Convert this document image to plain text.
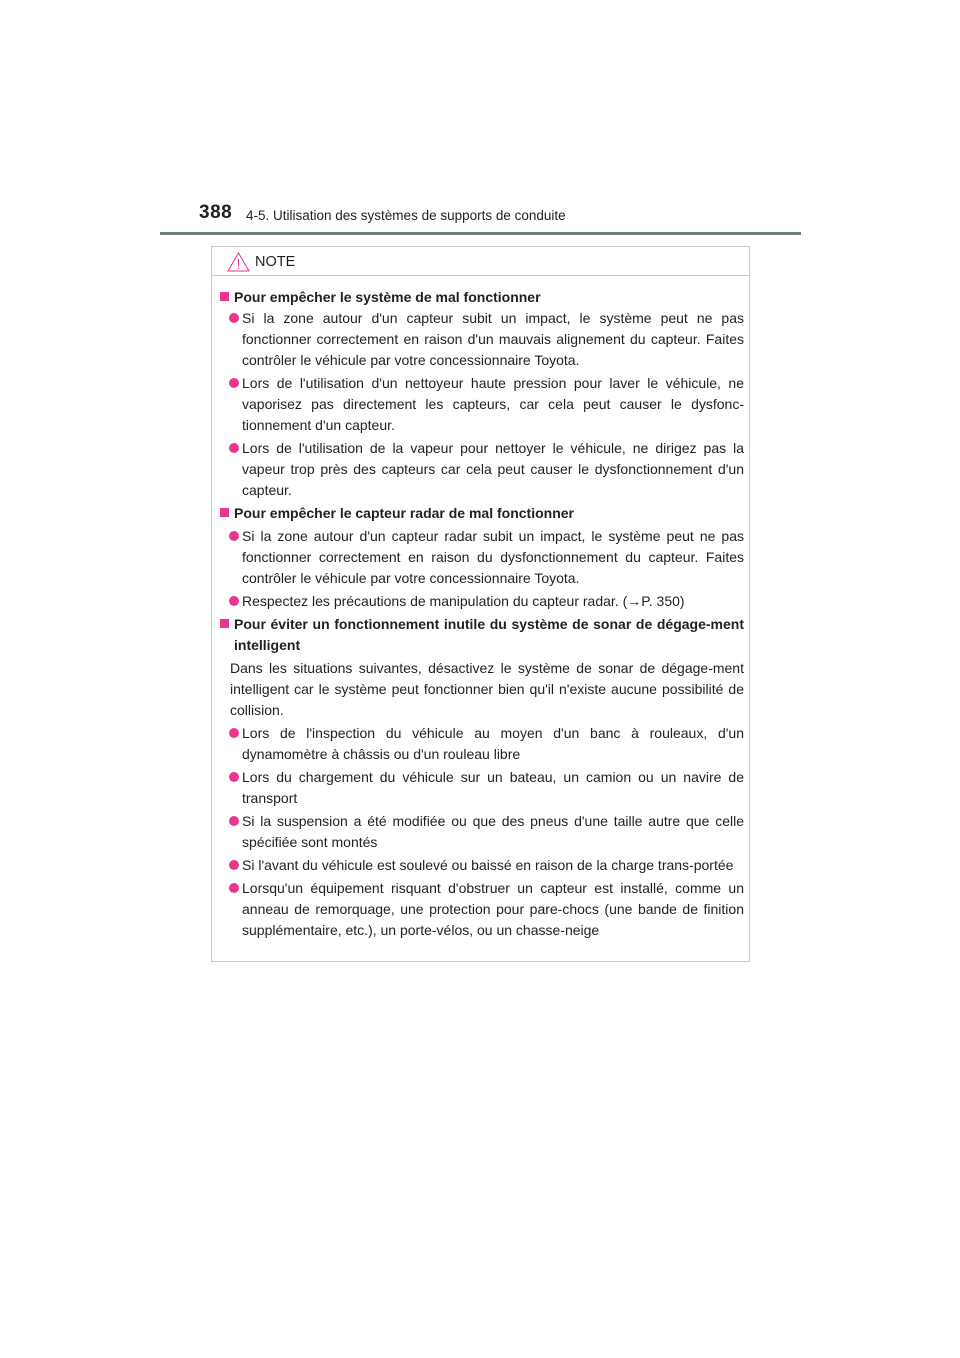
388 4-5. Utilisation des systèmes de supports de conduite
NOTE
Pour empêcher le système de mal fonctionner
Si la zone autour d'un capteur subit un impact, le système peut ne pas fonctionner correctement en raison d'un mauvais alignement du capteur. Faites contrôler le véhicule par votre concessionnaire Toyota.
Lors de l'utilisation d'un nettoyeur haute pression pour laver le véhicule, ne vaporisez pas directement les capteurs, car cela peut causer le dysfonc-tionnement d'un capteur.
Lors de l'utilisation de la vapeur pour nettoyer le véhicule, ne dirigez pas la vapeur trop près des capteurs car cela peut causer le dysfonctionnement d'un capteur.
Pour empêcher le capteur radar de mal fonctionner
Si la zone autour d'un capteur radar subit un impact, le système peut ne pas fonctionner correctement en raison du dysfonctionnement du capteur. Faites contrôler le véhicule par votre concessionnaire Toyota.
Respectez les précautions de manipulation du capteur radar. (→P. 350)
Pour éviter un fonctionnement inutile du système de sonar de dégage-ment intelligent
Dans les situations suivantes, désactivez le système de sonar de dégage-ment intelligent car le système peut fonctionner bien qu'il n'existe aucune possibilité de collision.
Lors de l'inspection du véhicule au moyen d'un banc à rouleaux, d'un dynamomètre à châssis ou d'un rouleau libre
Lors du chargement du véhicule sur un bateau, un camion ou un navire de transport
Si la suspension a été modifiée ou que des pneus d'une taille autre que celle spécifiée sont montés
Si l'avant du véhicule est soulevé ou baissé en raison de la charge trans-portée
Lorsqu'un équipement risquant d'obstruer un capteur est installé, comme un anneau de remorquage, une protection pour pare-chocs (une bande de finition supplémentaire, etc.), un porte-vélos, ou un chasse-neige
